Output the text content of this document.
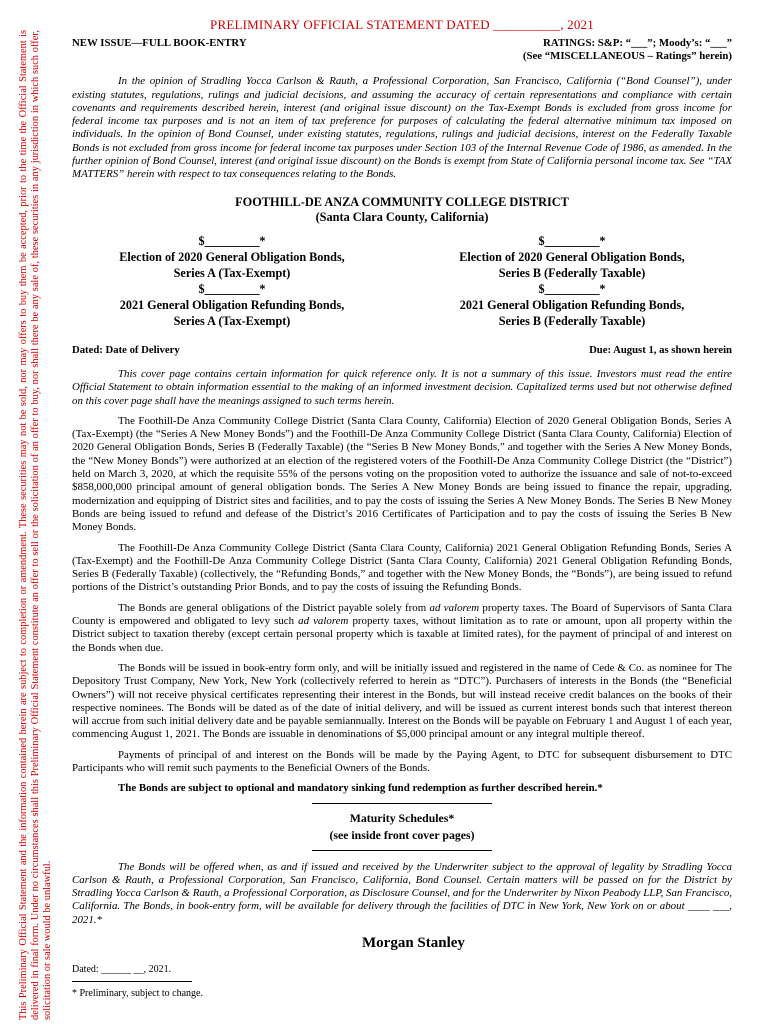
This Preliminary Official Statement and the information contained herein are subject to completion or amendment. These securities may not be sold, nor may offers to buy them be accepted, prior to the time the Official Statement is delivered in final form. Under no circumstances shall this Preliminary Official Statement constitute an offer to sell or the solicitation of an offer to buy, nor shall there be any sale of, these securities in any jurisdiction in which such offer, solicitation or sale would be unlawful.
PRELIMINARY OFFICIAL STATEMENT DATED __________, 2021
NEW ISSUE—FULL BOOK-ENTRY	RATINGS: S&P: “___”; Moody’s: “___”
(See “MISCELLANEOUS – Ratings” herein)
In the opinion of Stradling Yocca Carlson & Rauth, a Professional Corporation, San Francisco, California (“Bond Counsel”), under existing statutes, regulations, rulings and judicial decisions, and assuming the accuracy of certain representations and compliance with certain covenants and requirements described herein, interest (and original issue discount) on the Tax-Exempt Bonds is excluded from gross income for federal income tax purposes and is not an item of tax preference for purposes of calculating the federal alternative minimum tax imposed on individuals. In the opinion of Bond Counsel, under existing statutes, regulations, rulings and judicial decisions, interest on the Federally Taxable Bonds is not excluded from gross income for federal income tax purposes under Section 103 of the Internal Revenue Code of 1986, as amended. In the further opinion of Bond Counsel, interest (and original issue discount) on the Bonds is exempt from State of California personal income tax. See “TAX MATTERS” herein with respect to tax consequences relating to the Bonds.
FOOTHILL-DE ANZA COMMUNITY COLLEGE DISTRICT
(Santa Clara County, California)
$_________*
Election of 2020 General Obligation Bonds,
Series A (Tax-Exempt)
$_________*
2021 General Obligation Refunding Bonds,
Series A (Tax-Exempt)
$_________*
Election of 2020 General Obligation Bonds,
Series B (Federally Taxable)
$_________*
2021 General Obligation Refunding Bonds,
Series B (Federally Taxable)
Dated: Date of Delivery	Due: August 1, as shown herein
This cover page contains certain information for quick reference only. It is not a summary of this issue. Investors must read the entire Official Statement to obtain information essential to the making of an informed investment decision. Capitalized terms used but not otherwise defined on this cover page shall have the meanings assigned to such terms herein.

The Foothill-De Anza Community College District (Santa Clara County, California) Election of 2020 General Obligation Bonds, Series A (Tax-Exempt) (the “Series A New Money Bonds”) and the Foothill-De Anza Community College District (Santa Clara County, California) Election of 2020 General Obligation Bonds, Series B (Federally Taxable) (the “Series B New Money Bonds,” and together with the Series A New Money Bonds, the “New Money Bonds”) were authorized at an election of the registered voters of the Foothill-De Anza Community College District (the “District”) held on March 3, 2020, at which the requisite 55% of the persons voting on the proposition voted to authorize the issuance and sale of not-to-exceed $858,000,000 principal amount of general obligation bonds. The Series A New Money Bonds are being issued to finance the repair, upgrading, modernization and equipping of District sites and facilities, and to pay the costs of issuing the Series A New Money Bonds. The Series B New Money Bonds are being issued to refund and defease of the District’s 2016 Certificates of Participation and to pay the costs of issuing the Series B New Money Bonds.

The Foothill-De Anza Community College District (Santa Clara County, California) 2021 General Obligation Refunding Bonds, Series A (Tax-Exempt) and the Foothill-De Anza Community College District (Santa Clara County, California) 2021 General Obligation Refunding Bonds, Series B (Federally Taxable) (collectively, the “Refunding Bonds,” and together with the New Money Bonds, the “Bonds”), are being issued to refund portions of the District’s outstanding Prior Bonds, and to pay the costs of issuing the Refunding Bonds.

The Bonds are general obligations of the District payable solely from ad valorem property taxes. The Board of Supervisors of Santa Clara County is empowered and obligated to levy such ad valorem property taxes, without limitation as to rate or amount, upon all property within the District subject to taxation thereby (except certain personal property which is taxable at limited rates), for the payment of principal of and interest on the Bonds when due.

The Bonds will be issued in book-entry form only, and will be initially issued and registered in the name of Cede & Co. as nominee for The Depository Trust Company, New York, New York (collectively referred to herein as “DTC”). Purchasers of interests in the Bonds (the “Beneficial Owners”) will not receive physical certificates representing their interest in the Bonds, but will instead receive credit balances on the books of their respective nominees. The Bonds will be dated as of the date of initial delivery, and will be issued as current interest bonds such that interest thereon will accrue from such initial delivery date and be payable semiannually. Interest on the Bonds will be payable on February 1 and August 1 of each year, commencing August 1, 2021. The Bonds are issuable in denominations of $5,000 principal amount or any integral multiple thereof.

Payments of principal of and interest on the Bonds will be made by the Paying Agent, to DTC for subsequent disbursement to DTC Participants who will remit such payments to the Beneficial Owners of the Bonds.

The Bonds are subject to optional and mandatory sinking fund redemption as further described herein.*

Maturity Schedules*
(see inside front cover pages)
The Bonds will be offered when, as and if issued and received by the Underwriter subject to the approval of legality by Stradling Yocca Carlson & Rauth, a Professional Corporation, San Francisco, California, Bond Counsel. Certain matters will be passed on for the District by Stradling Yocca Carlson & Rauth, a Professional Corporation, as Disclosure Counsel, and for the Underwriter by Nixon Peabody LLP, San Francisco, California. The Bonds, in book-entry form, will be available for delivery through the facilities of DTC in New York, New York on or about ____ ___, 2021.*
Morgan Stanley
Dated: ______ __, 2021.
* Preliminary, subject to change.
